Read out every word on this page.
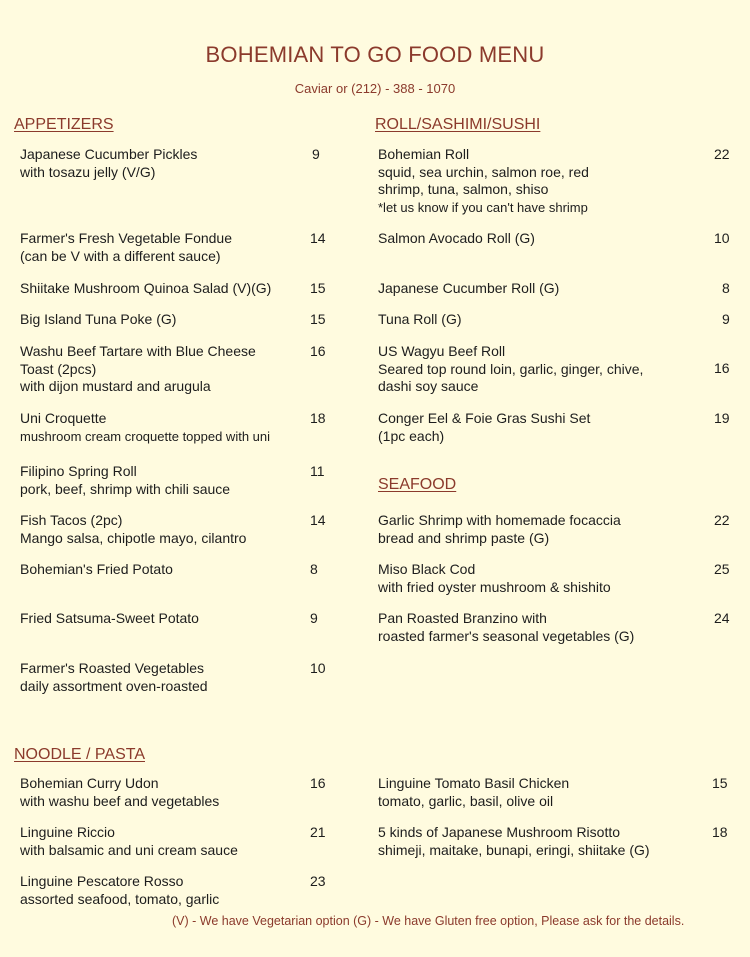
BOHEMIAN TO GO FOOD MENU
Caviar or (212) - 388 - 1070
APPETIZERS
Japanese Cucumber Pickles
with tosazu jelly (V/G)
9
Farmer's Fresh Vegetable Fondue
(can be V with a different sauce)
14
Shiitake Mushroom Quinoa Salad (V)(G)	15
Big Island Tuna Poke (G)	15
Washu Beef Tartare with Blue Cheese Toast (2pcs)
with dijon mustard and arugula
16
Uni Croquette
mushroom cream croquette topped with uni
18
Filipino Spring Roll
pork, beef, shrimp with chili sauce
11
Fish Tacos (2pc)
Mango salsa, chipotle mayo, cilantro
14
Bohemian's Fried Potato	8
Fried Satsuma-Sweet Potato	9
Farmer's Roasted Vegetables
daily assortment oven-roasted
10
ROLL/SASHIMI/SUSHI
Bohemian Roll
squid, sea urchin, salmon roe, red shrimp, tuna, salmon, shiso
*let us know if you can't have shrimp
22
Salmon Avocado Roll (G)	10
Japanese Cucumber Roll (G)	8
Tuna Roll (G)	9
US Wagyu Beef Roll
Seared top round loin, garlic, ginger, chive, dashi soy sauce
16
Conger Eel & Foie Gras Sushi Set
(1pc each)
19
SEAFOOD
Garlic Shrimp with homemade focaccia
bread and shrimp paste (G)
22
Miso Black Cod
with fried oyster mushroom & shishito
25
Pan Roasted Branzino with
roasted farmer's seasonal vegetables (G)
24
NOODLE / PASTA
Bohemian Curry Udon
with washu beef and vegetables
16
Linguine Riccio
with balsamic and uni cream sauce
21
Linguine Pescatore Rosso
assorted seafood, tomato, garlic
23
Linguine Tomato Basil Chicken
tomato, garlic, basil, olive oil
15
5 kinds of Japanese Mushroom Risotto
shimeji, maitake, bunapi, eringi, shiitake (G)
18
(V) - We have Vegetarian option (G) - We have Gluten free option, Please ask for the details.
